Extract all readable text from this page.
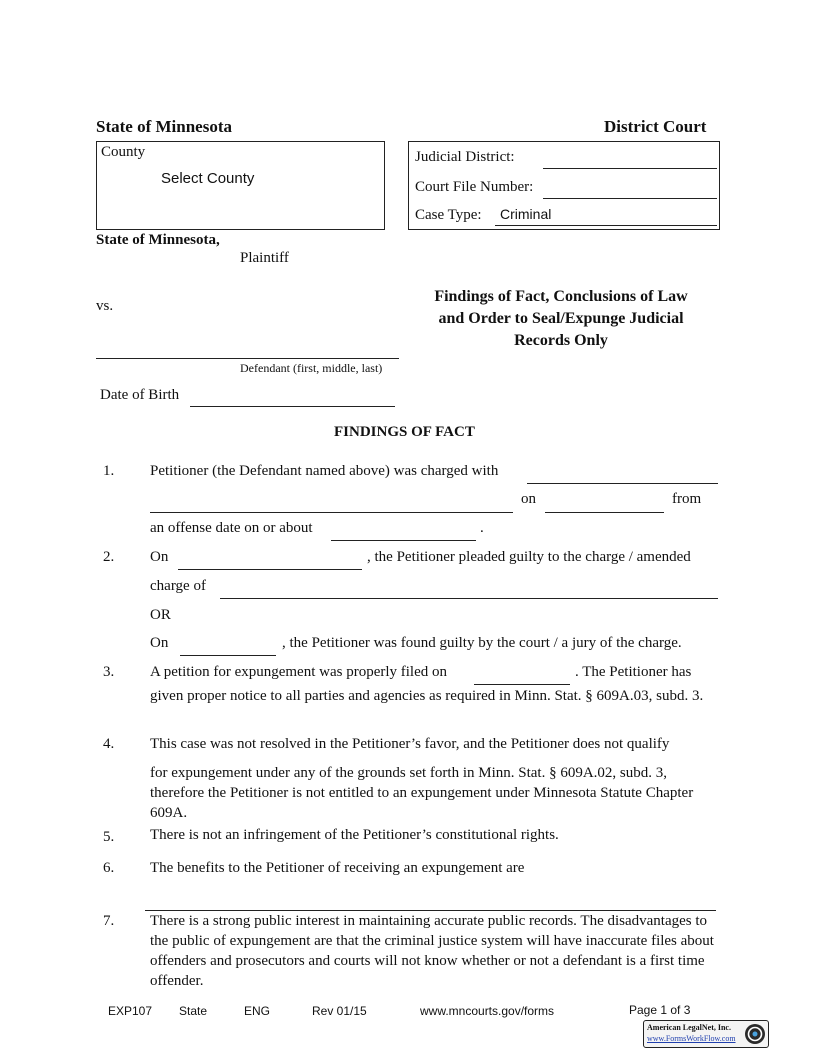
State of Minnesota	District Court
County
Select County
Judicial District:
Court File Number:
Case Type: Criminal
State of Minnesota,
Plaintiff
vs.
Defendant (first, middle, last)
Date of Birth
Findings of Fact, Conclusions of Law
and Order to Seal/Expunge Judicial
Records Only
FINDINGS OF FACT
1. Petitioner (the Defendant named above) was charged with
on	from
an offense date on or about	.
2. On	, the Petitioner pleaded guilty to the charge / amended
charge of
OR
On	, the Petitioner was found guilty by the court / a jury of the charge.
3. A petition for expungement was properly filed on	. The Petitioner has
given proper notice to all parties and agencies as required in Minn. Stat. § 609A.03, subd. 3.
4. This case was not resolved in the Petitioner’s favor, and the Petitioner does not qualify
for expungement under any of the grounds set forth in Minn. Stat. § 609A.02, subd. 3, therefore the Petitioner is not entitled to an expungement under Minnesota Statute Chapter 609A.
5. There is not an infringement of the Petitioner’s constitutional rights.
6. The benefits to the Petitioner of receiving an expungement are
7. There is a strong public interest in maintaining accurate public records. The disadvantages to the public of expungement are that the criminal justice system will have inaccurate files about offenders and prosecutors and courts will not know whether or not a defendant is a first time offender.
EXP107 State	ENG	Rev 01/15	www.mncourts.gov/forms	Page 1 of 3
American LegalNet, Inc.
www.FormsWorkFlow.com
